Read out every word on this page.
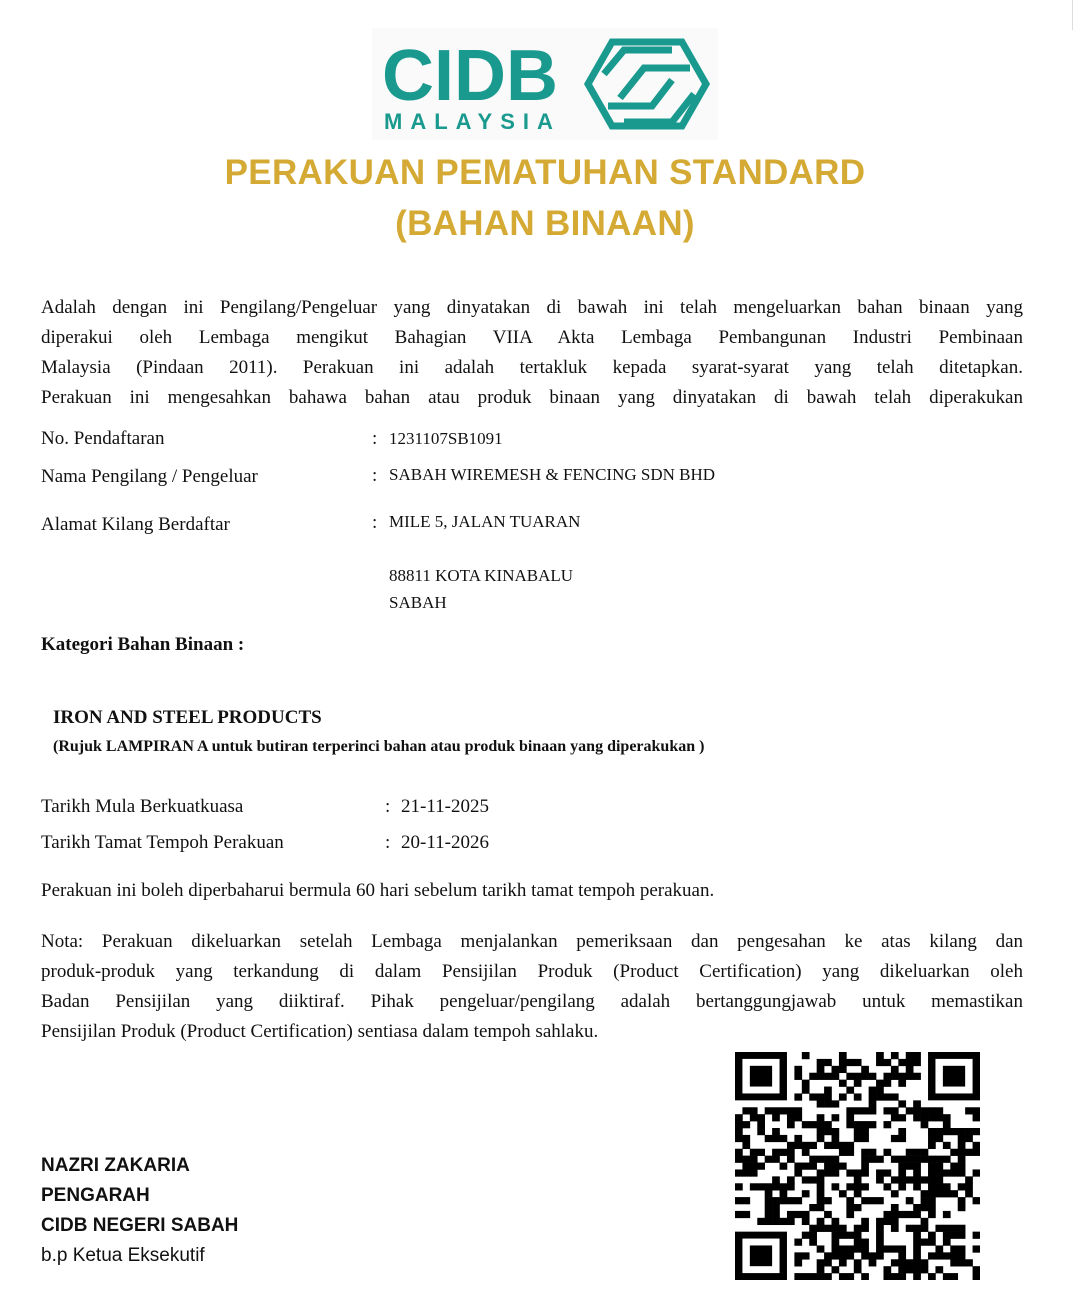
CIDB
MALAYSIA
PERAKUAN PEMATUHAN STANDARD
(BAHAN BINAAN)
Adalah dengan ini Pengilang/Pengeluar yang dinyatakan di bawah ini telah mengeluarkan bahan binaan yang
diperakui oleh Lembaga mengikut Bahagian VIIA Akta Lembaga Pembangunan Industri Pembinaan
Malaysia (Pindaan 2011). Perakuan ini adalah tertakluk kepada syarat-syarat yang telah ditetapkan.
Perakuan ini mengesahkan bahawa bahan atau produk binaan yang dinyatakan di bawah telah diperakukan
No. Pendaftaran	: 1231107SB1091
Nama Pengilang / Pengeluar	: SABAH WIREMESH & FENCING SDN BHD
Alamat Kilang Berdaftar	: MILE 5, JALAN TUARAN
88811 KOTA KINABALU
SABAH
Kategori Bahan Binaan :
IRON AND STEEL PRODUCTS
(Rujuk LAMPIRAN A untuk butiran terperinci bahan atau produk binaan yang diperakukan )
Tarikh Mula Berkuatkuasa	: 21-11-2025
Tarikh Tamat Tempoh Perakuan	: 20-11-2026
Perakuan ini boleh diperbaharui bermula 60 hari sebelum tarikh tamat tempoh perakuan.
Nota: Perakuan dikeluarkan setelah Lembaga menjalankan pemeriksaan dan pengesahan ke atas kilang dan
produk-produk yang terkandung di dalam Pensijilan Produk (Product Certification) yang dikeluarkan oleh
Badan Pensijilan yang diiktiraf. Pihak pengeluar/pengilang adalah bertanggungjawab untuk memastikan
Pensijilan Produk (Product Certification) sentiasa dalam tempoh sahlaku.
NAZRI ZAKARIA
PENGARAH
CIDB NEGERI SABAH
b.p Ketua Eksekutif
